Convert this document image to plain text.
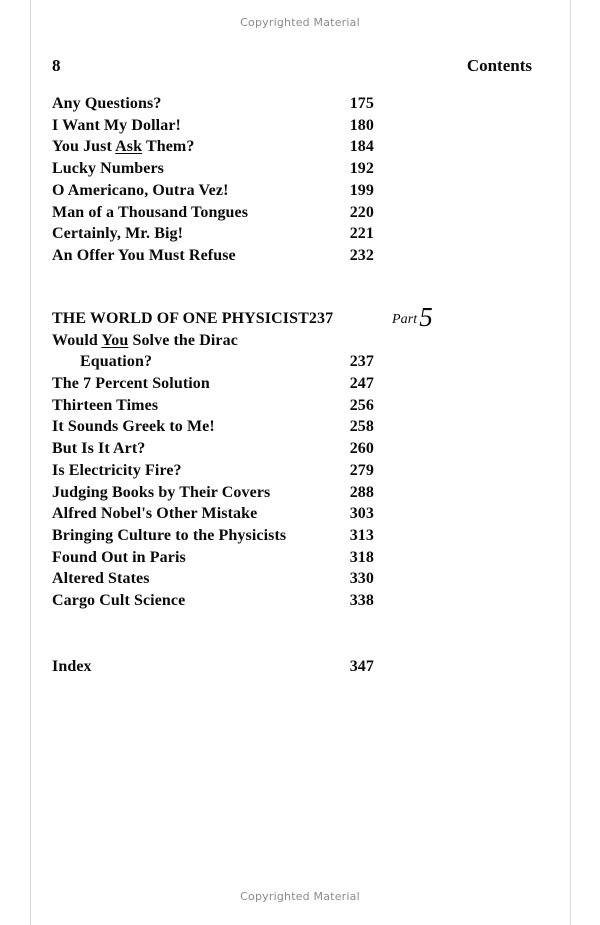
Copyrighted Material
8	Contents
Any Questions?	175
I Want My Dollar!	180
You Just Ask Them?	184
Lucky Numbers	192
O Americano, Outra Vez!	199
Man of a Thousand Tongues	220
Certainly, Mr. Big!	221
An Offer You Must Refuse	232
THE WORLD OF ONE PHYSICIST 237	Part5
Would You Solve the Dirac
Equation?	237
The 7 Percent Solution	247
Thirteen Times	256
It Sounds Greek to Me!	258
But Is It Art?	260
Is Electricity Fire?	279
Judging Books by Their Covers	288
Alfred Nobel's Other Mistake	303
Bringing Culture to the Physicists	313
Found Out in Paris	318
Altered States	330
Cargo Cult Science	338
Index	347
Copyrighted Material
